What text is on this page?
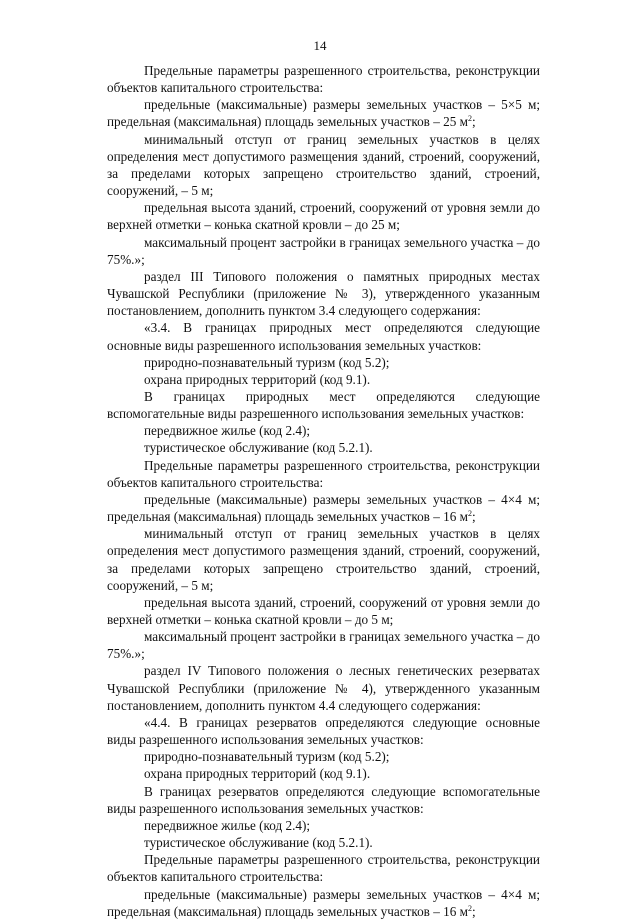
14

Предельные параметры разрешенного строительства, реконструкции объектов капитального строительства:

предельные (максимальные) размеры земельных участков – 5×5 м; предельная (максимальная) площадь земельных участков – 25 $м^2$;

минимальный отступ от границ земельных участков в целях определения мест допустимого размещения зданий, строений, сооружений, за пределами которых запрещено строительство зданий, строений, сооружений, – 5 м;

предельная высота зданий, строений, сооружений от уровня земли до верхней отметки – конька скатной кровли – до 25 м;

максимальный процент застройки в границах земельного участка – до 75%.»;

раздел III Типового положения о памятных природных местах Чувашской Республики (приложение № 3), утвержденного указанным постановлением, дополнить пунктом 3.4 следующего содержания:

«3.4. В границах природных мест определяются следующие основные виды разрешенного использования земельных участков:

природно-познавательный туризм (код 5.2);

охрана природных территорий (код 9.1).

В границах природных мест определяются следующие вспомогательные виды разрешенного использования земельных участков:

передвижное жилье (код 2.4);

туристическое обслуживание (код 5.2.1).

Предельные параметры разрешенного строительства, реконструкции объектов капитального строительства:

предельные (максимальные) размеры земельных участков – 4×4 м; предельная (максимальная) площадь земельных участков – 16 $м^2$;

минимальный отступ от границ земельных участков в целях определения мест допустимого размещения зданий, строений, сооружений, за пределами которых запрещено строительство зданий, строений, сооружений, – 5 м;

предельная высота зданий, строений, сооружений от уровня земли до верхней отметки – конька скатной кровли – до 5 м;

максимальный процент застройки в границах земельного участка – до 75%.»;

раздел IV Типового положения о лесных генетических резерватах Чувашской Республики (приложение № 4), утвержденного указанным постановлением, дополнить пунктом 4.4 следующего содержания:

«4.4. В границах резерватов определяются следующие основные виды разрешенного использования земельных участков:

природно-познавательный туризм (код 5.2);

охрана природных территорий (код 9.1).

В границах резерватов определяются следующие вспомогательные виды разрешенного использования земельных участков:

передвижное жилье (код 2.4);

туристическое обслуживание (код 5.2.1).

Предельные параметры разрешенного строительства, реконструкции объектов капитального строительства:

предельные (максимальные) размеры земельных участков – 4×4 м; предельная (максимальная) площадь земельных участков – 16 $м^2$;
